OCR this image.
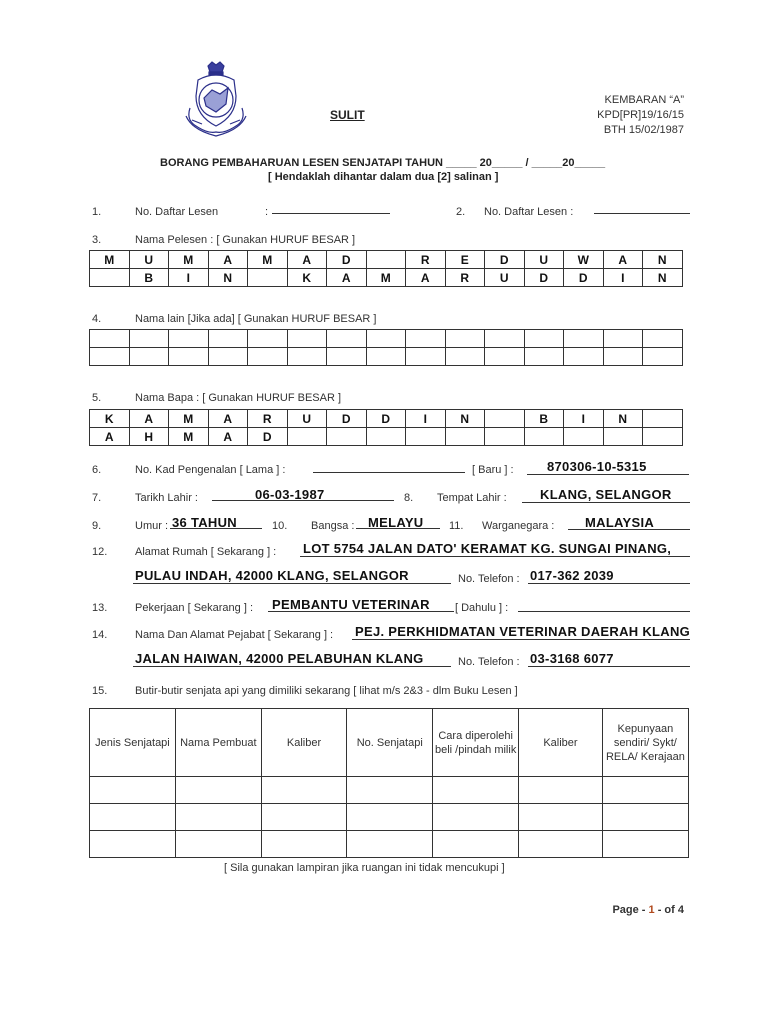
SULIT
KEMBARAN “A”
KPD[PR]19/16/15
BTH 15/02/1987
BORANG PEMBAHARUAN LESEN SENJATAPI TAHUN _____ 20_____ / _____20_____
[ Hendaklah dihantar dalam dua [2] salinan ]
1.	No. Daftar Lesen	:	2. No. Daftar Lesen :
3.	Nama Pelesen : [ Gunakan HURUF BESAR ]
M	U	M	A	M	A	D		R	E	D	U	W	A	N
	B	I	N		K	A	M	A	R	U	D	D	I	N
4.	Nama lain [Jika ada] [ Gunakan HURUF BESAR ]

5.	Nama Bapa : [ Gunakan HURUF BESAR ]
K	A	M	A	R	U	D	D	I	N		B	I	N	
A	H	M	A	D										
6.	No. Kad Pengenalan [ Lama ] :	[ Baru ] :	870306-10-5315
7.	Tarikh Lahir :	06-03-1987	8. Tempat Lahir :	KLANG, SELANGOR
9.	Umur : 36 TAHUN	10. Bangsa : MELAYU 11. Warganegara : MALAYSIA
12.	Alamat Rumah [ Sekarang ] : LOT 5754 JALAN DATO' KERAMAT KG. SUNGAI PINANG,
PULAU INDAH, 42000 KLANG, SELANGOR	No. Telefon : 017-362 2039
13.	Pekerjaan [ Sekarang ] : PEMBANTU VETERINAR [ Dahulu ] :
14.	Nama Dan Alamat Pejabat [ Sekarang ] : PEJ. PERKHIDMATAN VETERINAR DAERAH KLANG
JALAN HAIWAN, 42000 PELABUHAN KLANG	No. Telefon : 03-3168 6077
15.	Butir-butir senjata api yang dimiliki sekarang [ lihat m/s 2&3 - dlm Buku Lesen ]
Jenis Senjatapi	Nama Pembuat	Kaliber	No. Senjatapi	Cara diperolehi beli /pindah milik	Kaliber	Kepunyaan sendiri/ Sykt/ RELA/ Kerajaan

[ Sila gunakan lampiran jika ruangan ini tidak mencukupi ]
Page - 1 - of 4
